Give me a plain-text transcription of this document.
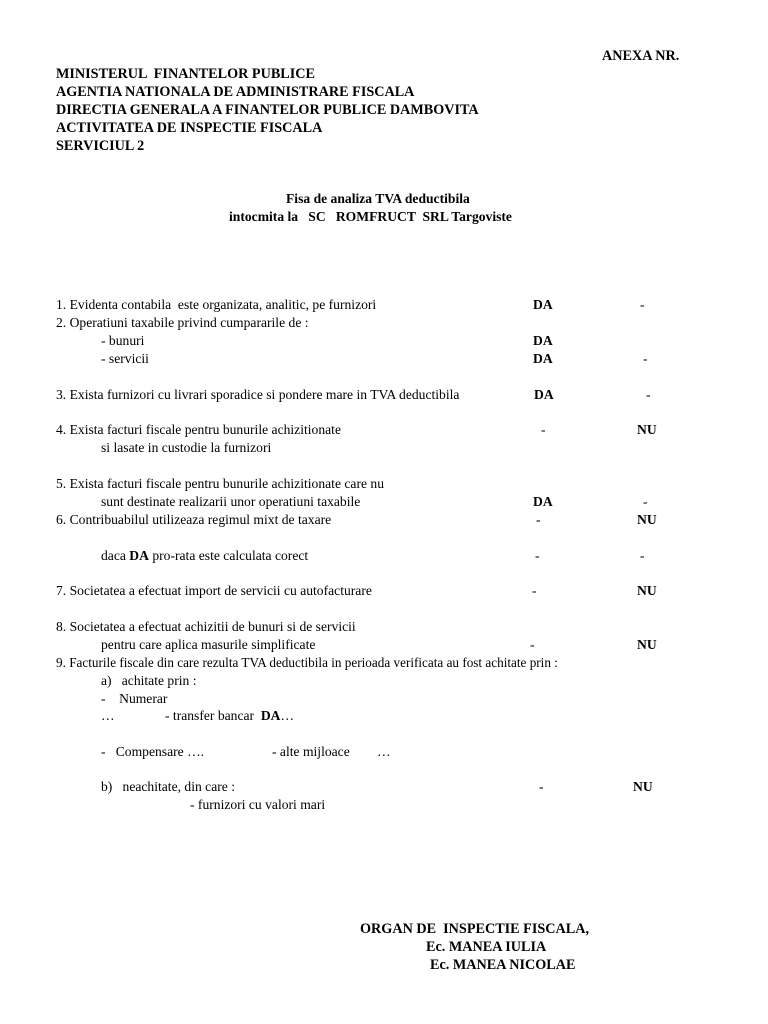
ANEXA NR.
MINISTERUL  FINANTELOR PUBLICE
AGENTIA NATIONALA DE ADMINISTRARE FISCALA
DIRECTIA GENERALA A FINANTELOR PUBLICE DAMBOVITA
ACTIVITATEA DE INSPECTIE FISCALA
SERVICIUL 2
Fisa de analiza TVA deductibila
intocmita la   SC   ROMFRUCT  SRL Targoviste
1. Evidenta contabila  este organizata, analitic, pe furnizori	DA	-
2. Operatiuni taxabile privind cumpararile de :
- bunuri	DA
- servicii	DA	-
3. Exista furnizori cu livrari sporadice si pondere mare in TVA deductibila	DA	-
4. Exista facturi fiscale pentru bunurile achizitionate	-	NU
si lasate in custodie la furnizori
5. Exista facturi fiscale pentru bunurile achizitionate care nu
sunt destinate realizarii unor operatiuni taxabile	DA	-
6. Contribuabilul utilizeaza regimul mixt de taxare	-	NU
daca DA pro-rata este calculata corect	-	-
7. Societatea a efectuat import de servicii cu autofacturare	-	NU
8. Societatea a efectuat achizitii de bunuri si de servicii
pentru care aplica masurile simplificate	-	NU
9. Facturile fiscale din care rezulta TVA deductibila in perioada verificata au fost achitate prin :
a)   achitate prin :
-    Numerar
…	- transfer bancar  DA…
-   Compensare ….	- alte mijloace …
b)   neachitate, din care :	-	NU
- furnizori cu valori mari
ORGAN DE  INSPECTIE FISCALA,
Ec. MANEA IULIA
Ec. MANEA NICOLAE
